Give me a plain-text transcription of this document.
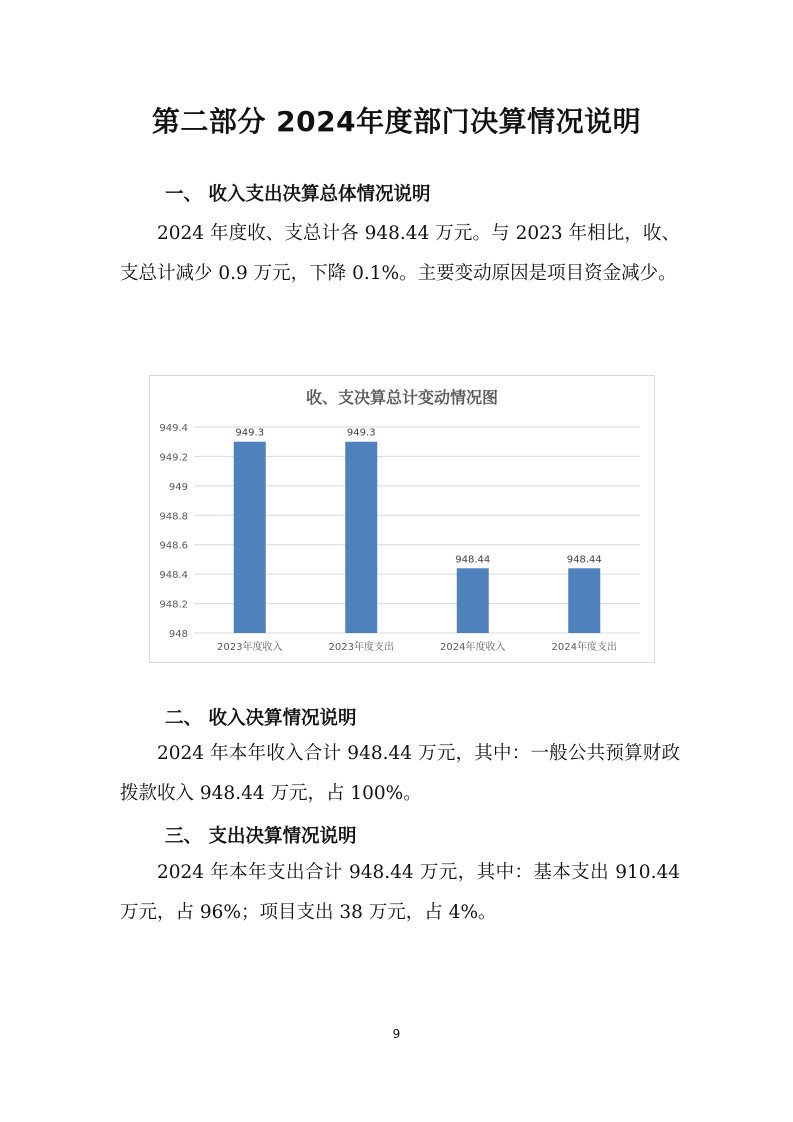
第二部分 2024年度部门决算情况说明
一、 收入支出决算总体情况说明
2024 年度收、支总计各 948.44 万元。与 2023 年相比，收、支总计减少 0.9 万元，下降 0.1%。主要变动原因是项目资金减少。
收、支决算总计变动情况图
948
948.2
948.4
948.6
948.8
949
949.2
949.4	949.3
2023年度收入
949.3
2023年度支出
948.44
2024年度收入
948.44
2024年度支出
二、 收入决算情况说明
2024 年本年收入合计 948.44 万元，其中：一般公共预算财政拨款收入 948.44 万元，占 100%。
三、 支出决算情况说明
2024 年本年支出合计 948.44 万元，其中：基本支出 910.44 万元，占 96%；项目支出 38 万元，占 4%。
9
